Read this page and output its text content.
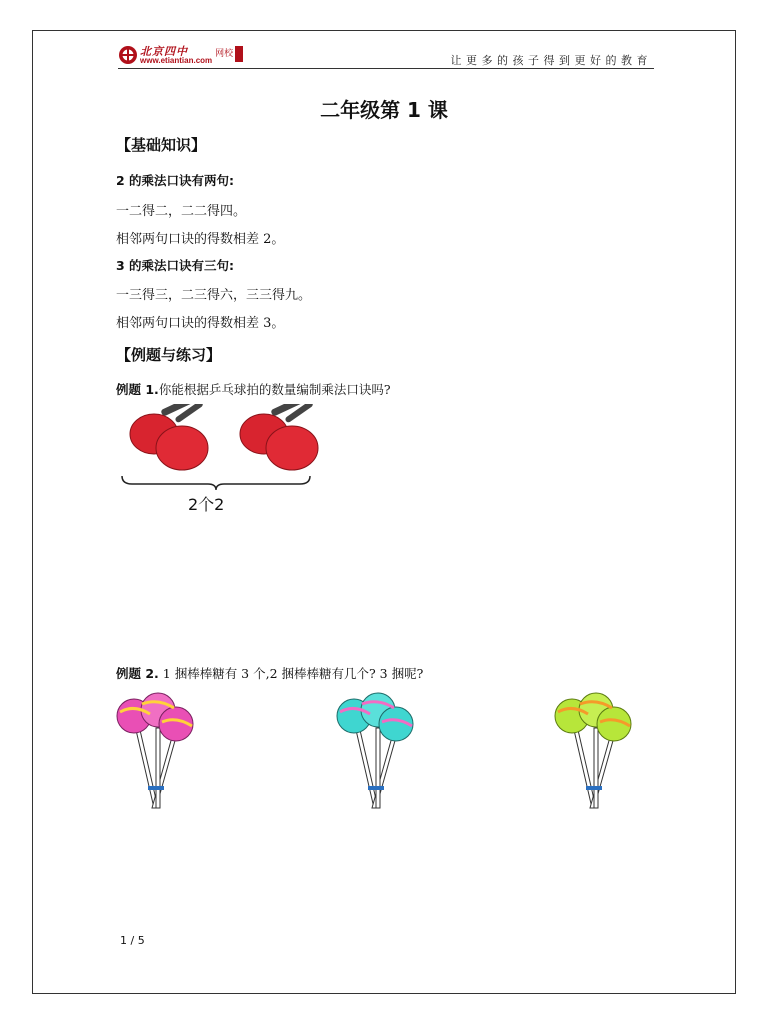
北京四中
www.etiantian.com
网校	让更多的孩子得到更好的教育
二年级第 1 课
【基础知识】
2 的乘法口诀有两句:
一二得二，二二得四。
相邻两句口诀的得数相差 2。
3 的乘法口诀有三句:
一三得三，二三得六，三三得九。
相邻两句口诀的得数相差 3。
【例题与练习】
例题 1.你能根据乒乓球拍的数量编制乘法口诀吗?
2个2
例题 2. 1 捆棒棒糖有 3 个,2 捆棒棒糖有几个? 3 捆呢?
1 / 5
